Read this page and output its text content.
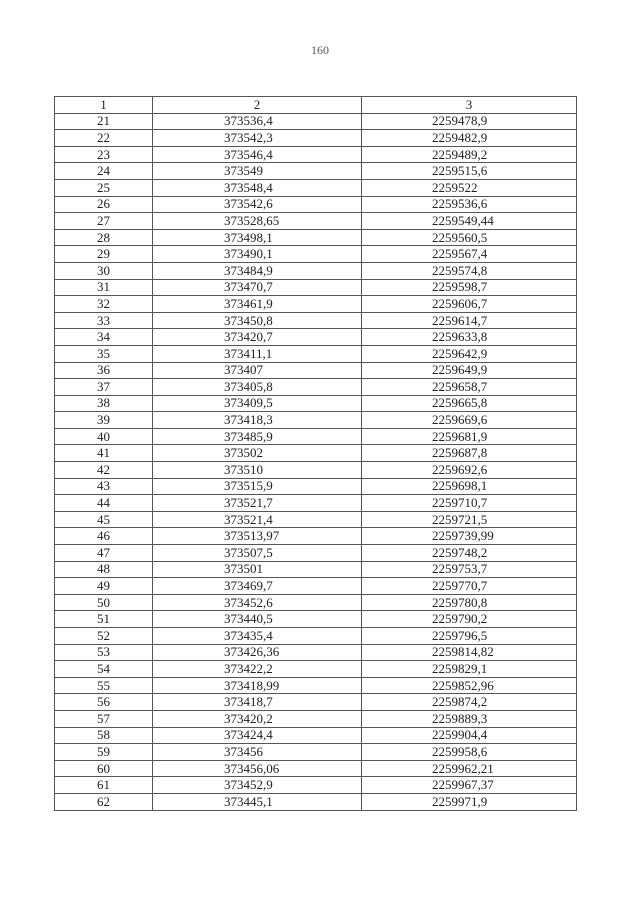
160
1	2	3
21	373536,4	2259478,9
22	373542,3	2259482,9
23	373546,4	2259489,2
24	373549	2259515,6
25	373548,4	2259522
26	373542,6	2259536,6
27	373528,65	2259549,44
28	373498,1	2259560,5
29	373490,1	2259567,4
30	373484,9	2259574,8
31	373470,7	2259598,7
32	373461,9	2259606,7
33	373450,8	2259614,7
34	373420,7	2259633,8
35	373411,1	2259642,9
36	373407	2259649,9
37	373405,8	2259658,7
38	373409,5	2259665,8
39	373418,3	2259669,6
40	373485,9	2259681,9
41	373502	2259687,8
42	373510	2259692,6
43	373515,9	2259698,1
44	373521,7	2259710,7
45	373521,4	2259721,5
46	373513,97	2259739,99
47	373507,5	2259748,2
48	373501	2259753,7
49	373469,7	2259770,7
50	373452,6	2259780,8
51	373440,5	2259790,2
52	373435,4	2259796,5
53	373426,36	2259814,82
54	373422,2	2259829,1
55	373418,99	2259852,96
56	373418,7	2259874,2
57	373420,2	2259889,3
58	373424,4	2259904,4
59	373456	2259958,6
60	373456,06	2259962,21
61	373452,9	2259967,37
62	373445,1	2259971,9
